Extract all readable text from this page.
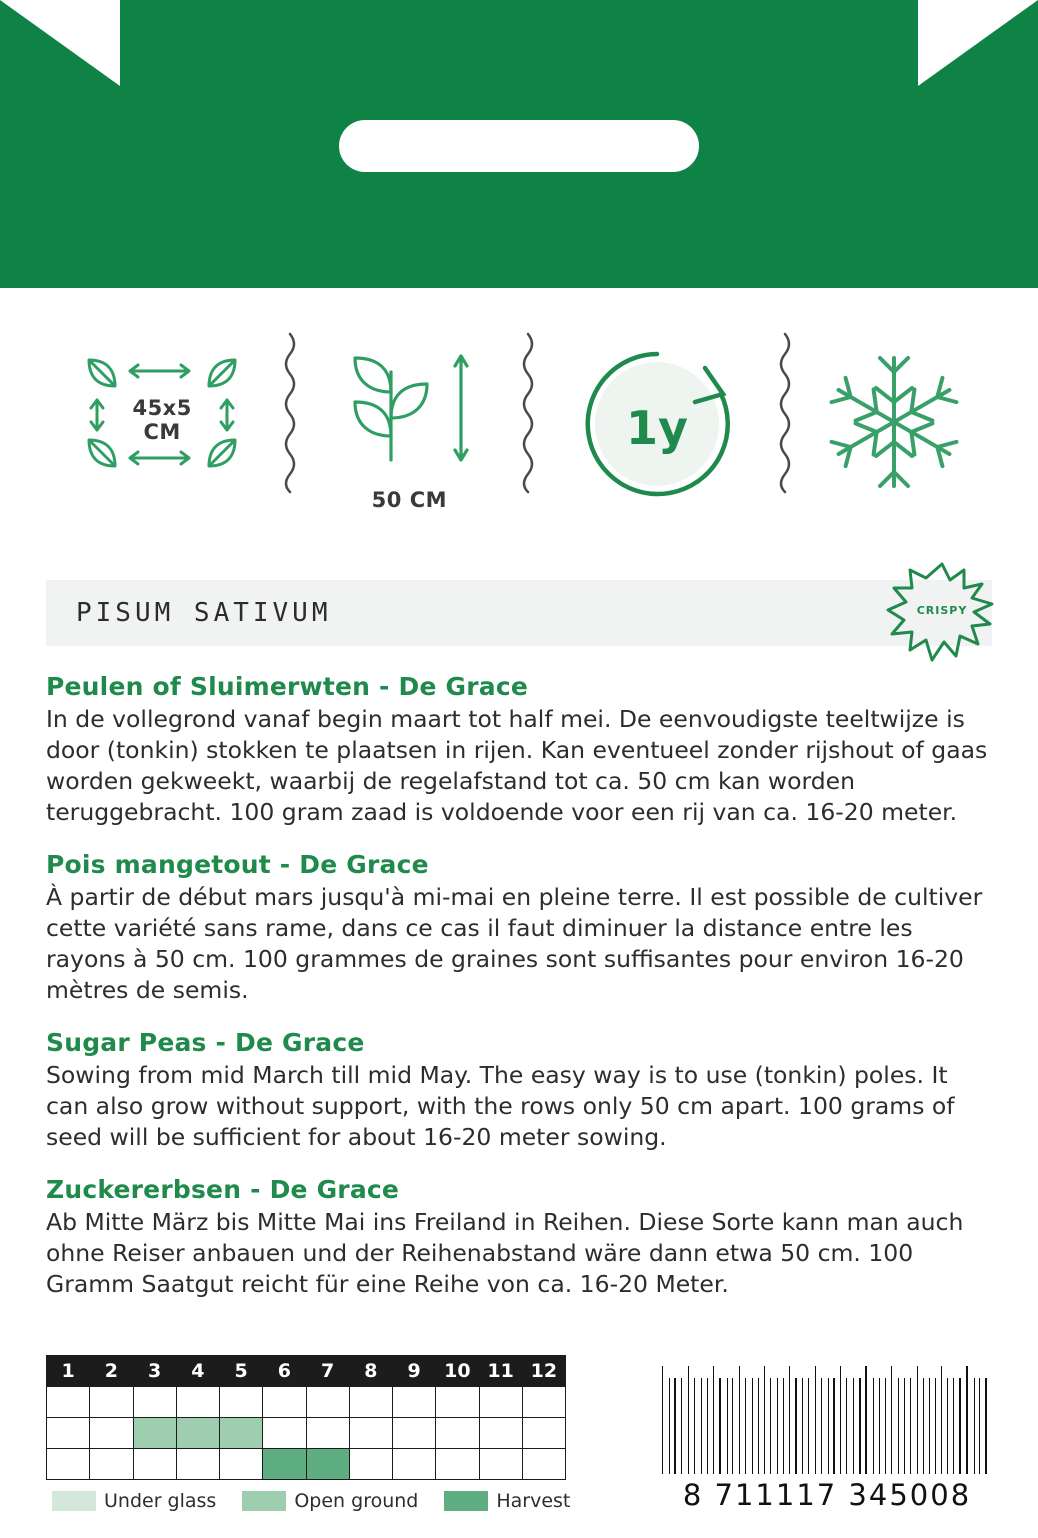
45x5
CM
50 CM
1y
PISUM SATIVUM	CRISPY

Peulen of Sluimerwten - De Grace

In de vollegrond vanaf begin maart tot half mei. De eenvoudigste teeltwijze is door (tonkin) stokken te plaatsen in rijen. Kan eventueel zonder rijshout of gaas worden gekweekt, waarbij de regelafstand tot ca. 50 cm kan worden teruggebracht. 100 gram zaad is voldoende voor een rij van ca. 16-20 meter.

Pois mangetout - De Grace

À partir de début mars jusqu'à mi-mai en pleine terre. Il est possible de cultiver cette variété sans rame, dans ce cas il faut diminuer la distance entre les rayons à 50 cm. 100 grammes de graines sont suffisantes pour environ 16-20 mètres de semis.

Sugar Peas - De Grace

Sowing from mid March till mid May. The easy way is to use (tonkin) poles. It can also grow without support, with the rows only 50 cm apart. 100 grams of seed will be sufficient for about 16-20 meter sowing.

Zuckererbsen - De Grace

Ab Mitte März bis Mitte Mai ins Freiland in Reihen. Diese Sorte kann man auch ohne Reiser anbauen und der Reihenabstand wäre dann etwa 50 cm. 100 Gramm Saatgut reicht für eine Reihe von ca. 16-20 Meter.

1	2	3	4	5	6	7	8	9	10	11	12

Under glass	Open ground	Harvest	8 711117 345008
